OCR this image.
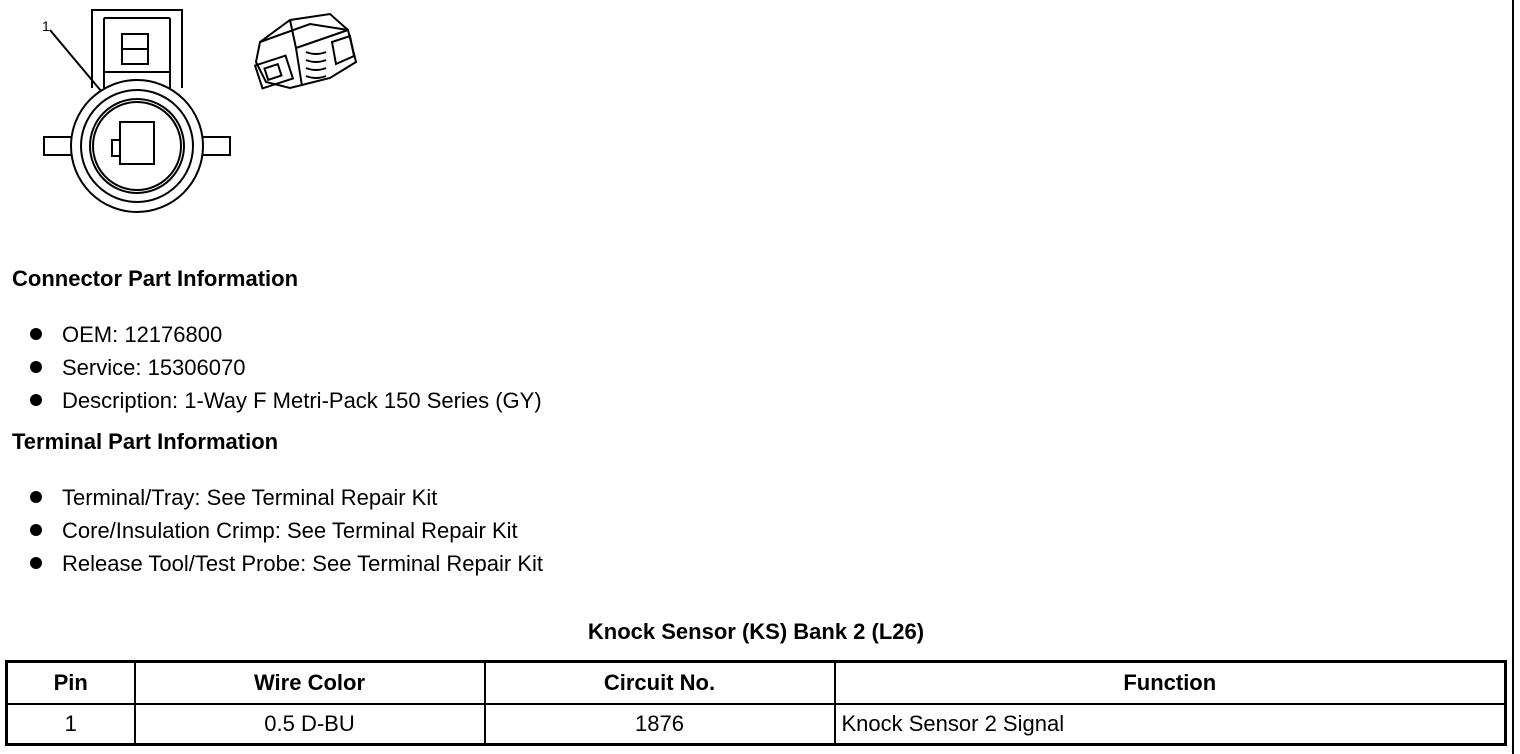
1
Connector Part Information
OEM: 12176800
Service: 15306070
Description: 1-Way F Metri-Pack 150 Series (GY)
Terminal Part Information
Terminal/Tray: See Terminal Repair Kit
Core/Insulation Crimp: See Terminal Repair Kit
Release Tool/Test Probe: See Terminal Repair Kit
Knock Sensor (KS) Bank 2 (L26)
Pin	Wire Color	Circuit No.	Function
1	0.5 D-BU	1876	Knock Sensor 2 Signal
